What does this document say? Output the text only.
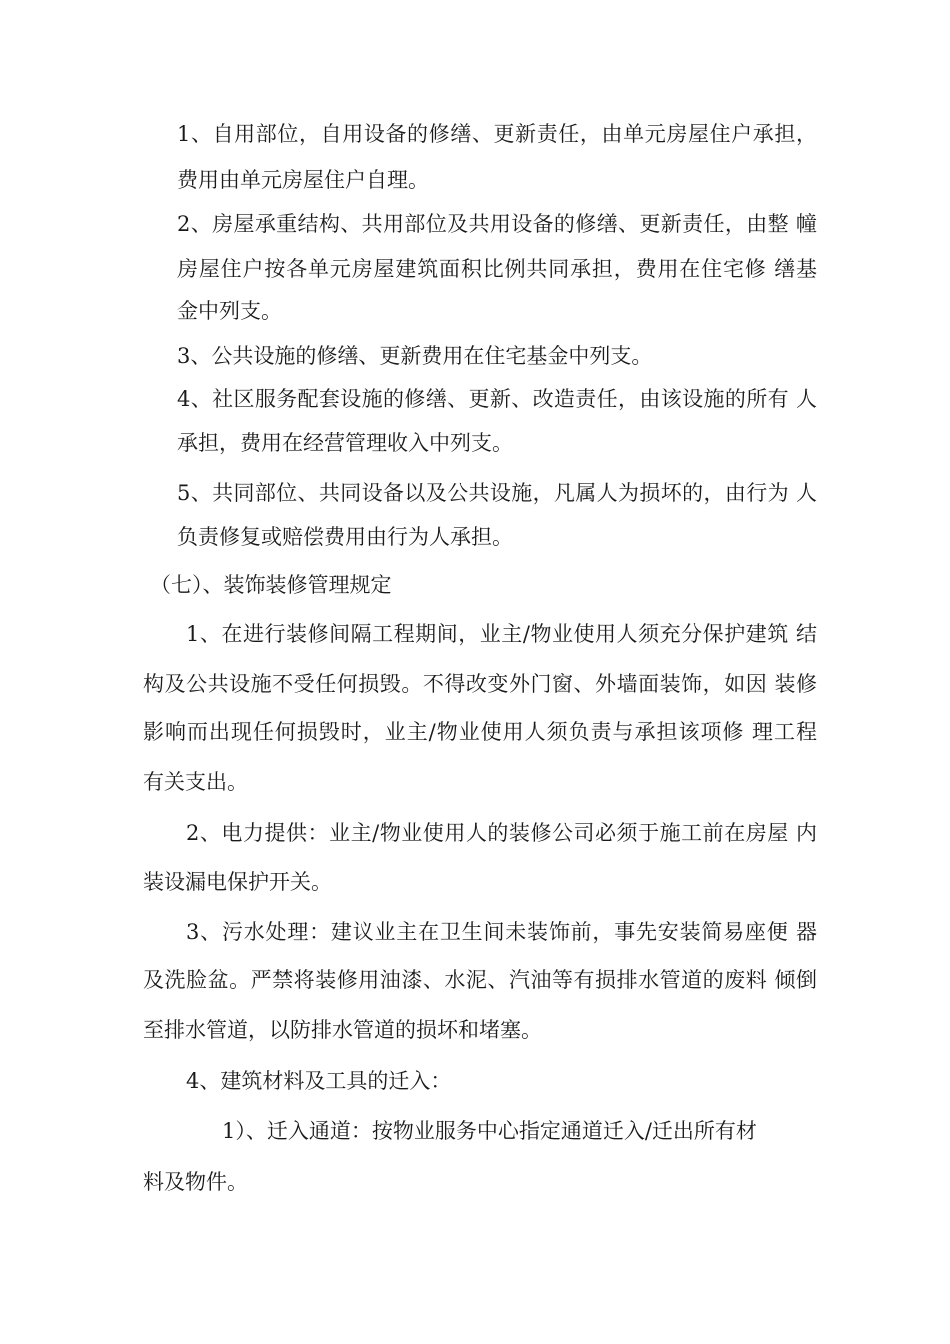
1、自用部位，自用设备的修缮、更新责任，由单元房屋住户承担，
费用由单元房屋住户自理。
2、房屋承重结构、共用部位及共用设备的修缮、更新责任，由整 幢
房屋住户按各单元房屋建筑面积比例共同承担，费用在住宅修 缮基
金中列支。
3、公共设施的修缮、更新费用在住宅基金中列支。
4、社区服务配套设施的修缮、更新、改造责任，由该设施的所有 人
承担，费用在经营管理收入中列支。
5、共同部位、共同设备以及公共设施，凡属人为损坏的，由行为 人
负责修复或赔偿费用由行为人承担。
（七）、装饰装修管理规定
1、在进行装修间隔工程期间，业主/物业使用人须充分保护建筑 结
构及公共设施不受任何损毁。不得改变外门窗、外墙面装饰，如因 装修
影响而出现任何损毁时，业主/物业使用人须负责与承担该项修 理工程
有关支出。
2、电力提供：业主/物业使用人的装修公司必须于施工前在房屋 内
装设漏电保护开关。
3、污水处理：建议业主在卫生间未装饰前，事先安装简易座便 器
及洗脸盆。严禁将装修用油漆、水泥、汽油等有损排水管道的废料 倾倒
至排水管道，以防排水管道的损坏和堵塞。
4、建筑材料及工具的迁入：
1）、迁入通道：按物业服务中心指定通道迁入/迁出所有材
料及物件。
